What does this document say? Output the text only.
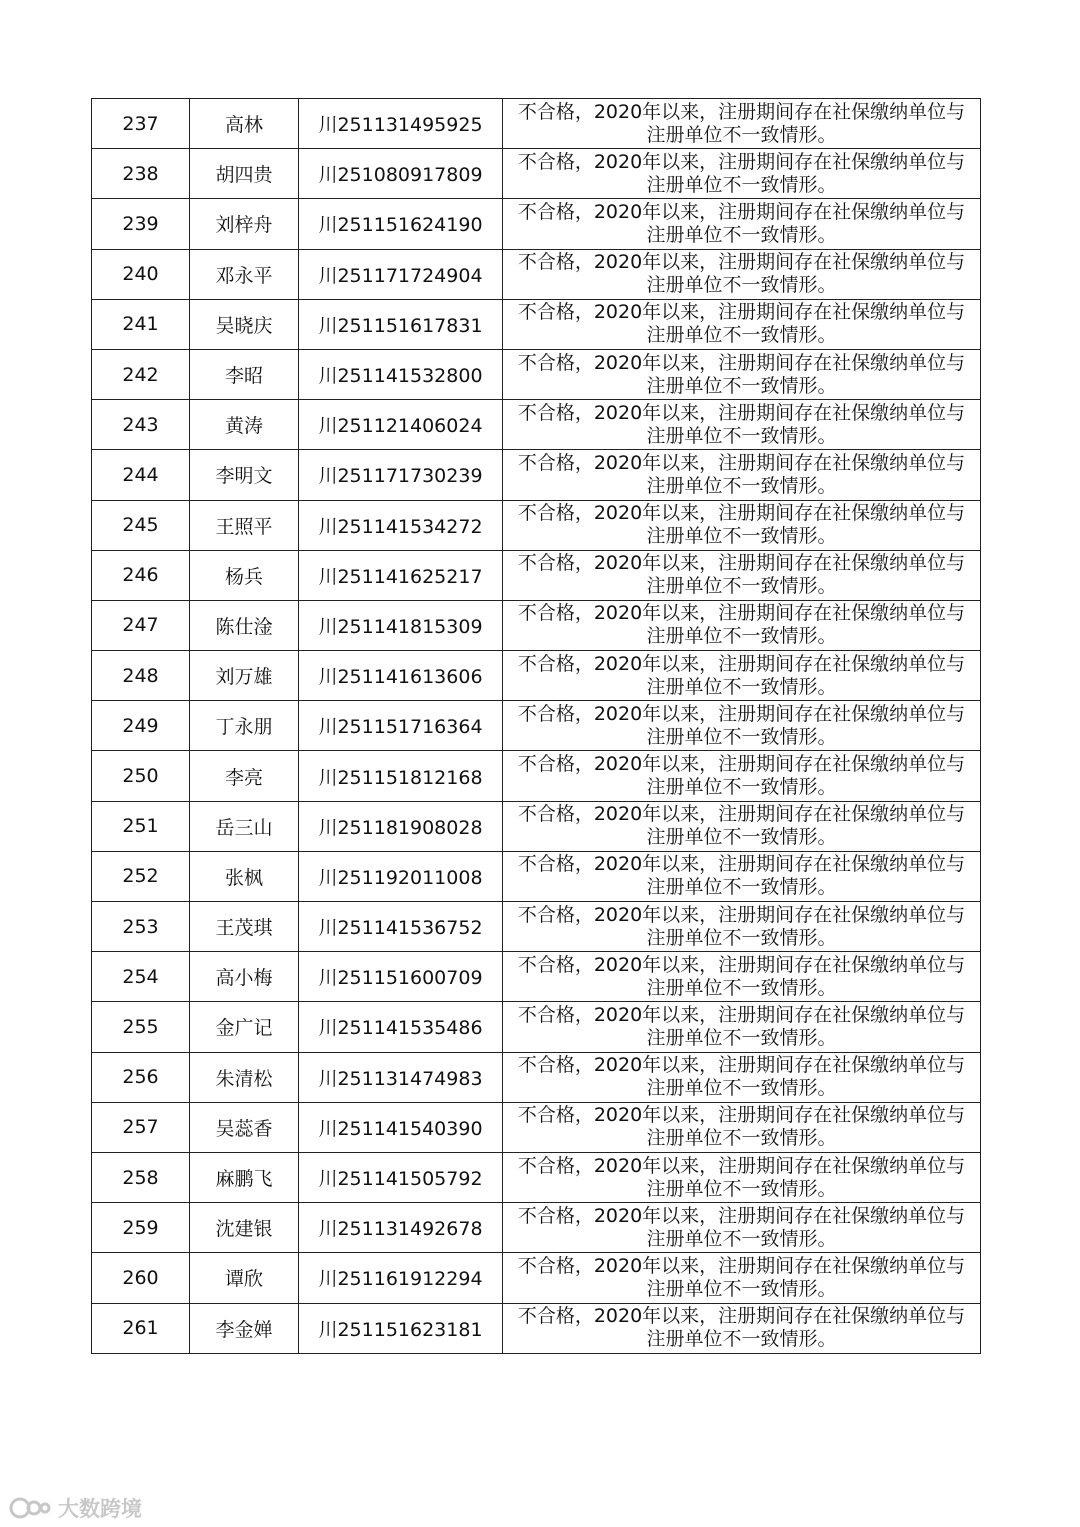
237	高林	川251131495925	不合格，2020年以来，注册期间存在社保缴纳单位与
注册单位不一致情形。

238	胡四贵	川251080917809	不合格，2020年以来，注册期间存在社保缴纳单位与
注册单位不一致情形。

239	刘梓舟	川251151624190	不合格，2020年以来，注册期间存在社保缴纳单位与
注册单位不一致情形。

240	邓永平	川251171724904	不合格，2020年以来，注册期间存在社保缴纳单位与
注册单位不一致情形。

241	吴晓庆	川251151617831	不合格，2020年以来，注册期间存在社保缴纳单位与
注册单位不一致情形。

242	李昭	川251141532800	不合格，2020年以来，注册期间存在社保缴纳单位与
注册单位不一致情形。

243	黄涛	川251121406024	不合格，2020年以来，注册期间存在社保缴纳单位与
注册单位不一致情形。

244	李明文	川251171730239	不合格，2020年以来，注册期间存在社保缴纳单位与
注册单位不一致情形。

245	王照平	川251141534272	不合格，2020年以来，注册期间存在社保缴纳单位与
注册单位不一致情形。

246	杨兵	川251141625217	不合格，2020年以来，注册期间存在社保缴纳单位与
注册单位不一致情形。

247	陈仕淦	川251141815309	不合格，2020年以来，注册期间存在社保缴纳单位与
注册单位不一致情形。

248	刘万雄	川251141613606	不合格，2020年以来，注册期间存在社保缴纳单位与
注册单位不一致情形。

249	丁永朋	川251151716364	不合格，2020年以来，注册期间存在社保缴纳单位与
注册单位不一致情形。

250	李亮	川251151812168	不合格，2020年以来，注册期间存在社保缴纳单位与
注册单位不一致情形。

251	岳三山	川251181908028	不合格，2020年以来，注册期间存在社保缴纳单位与
注册单位不一致情形。

252	张枫	川251192011008	不合格，2020年以来，注册期间存在社保缴纳单位与
注册单位不一致情形。

253	王茂琪	川251141536752	不合格，2020年以来，注册期间存在社保缴纳单位与
注册单位不一致情形。

254	高小梅	川251151600709	不合格，2020年以来，注册期间存在社保缴纳单位与
注册单位不一致情形。

255	金广记	川251141535486	不合格，2020年以来，注册期间存在社保缴纳单位与
注册单位不一致情形。

256	朱清松	川251131474983	不合格，2020年以来，注册期间存在社保缴纳单位与
注册单位不一致情形。

257	吴蕊香	川251141540390	不合格，2020年以来，注册期间存在社保缴纳单位与
注册单位不一致情形。

258	麻鹏飞	川251141505792	不合格，2020年以来，注册期间存在社保缴纳单位与
注册单位不一致情形。

259	沈建银	川251131492678	不合格，2020年以来，注册期间存在社保缴纳单位与
注册单位不一致情形。

260	谭欣	川251161912294	不合格，2020年以来，注册期间存在社保缴纳单位与
注册单位不一致情形。

261	李金婵	川251151623181	不合格，2020年以来，注册期间存在社保缴纳单位与
注册单位不一致情形。
大数跨境
